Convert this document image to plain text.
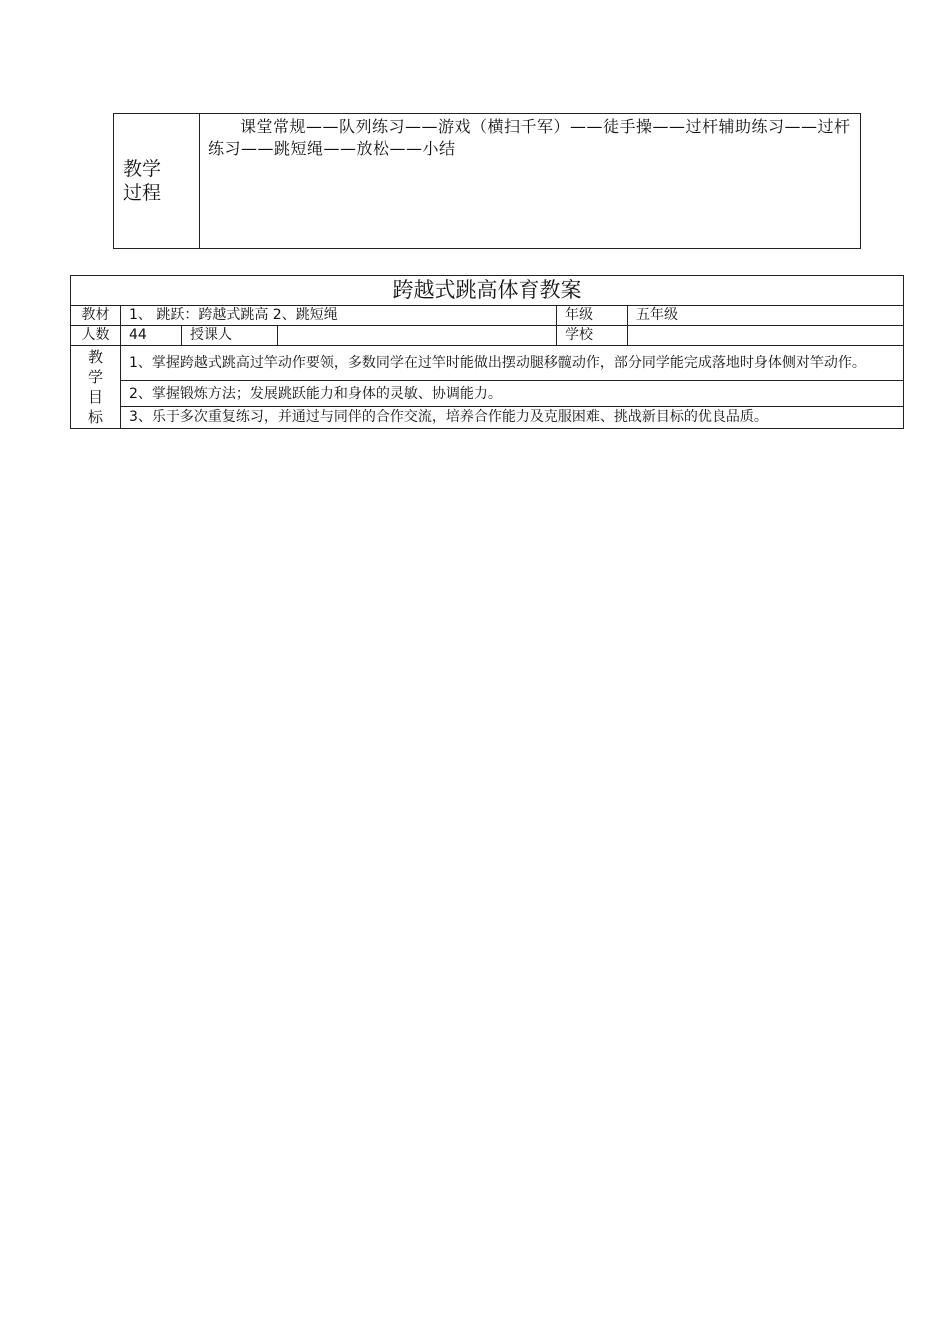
教学
过程
	课堂常规——队列练习——游戏（横扫千军）——徒手操——过杆辅助练习——过杆练习——跳短绳——放松——小结
跨越式跳高体育教案					
教材	1、 跳跃：跨越式跳高 2、跳短绳			年级	五年级
人数	44	授课人		学校	

教
学
目
标	1、掌握跨越式跳高过竿动作要领，多数同学在过竿时能做出摆动腿移髋动作，部分同学能完成落地时身体侧对竿动作。				
	2、掌握锻炼方法；发展跳跃能力和身体的灵敏、协调能力。				
	3、乐于多次重复练习，并通过与同伴的合作交流，培养合作能力及克服困难、挑战新目标的优良品质。				
